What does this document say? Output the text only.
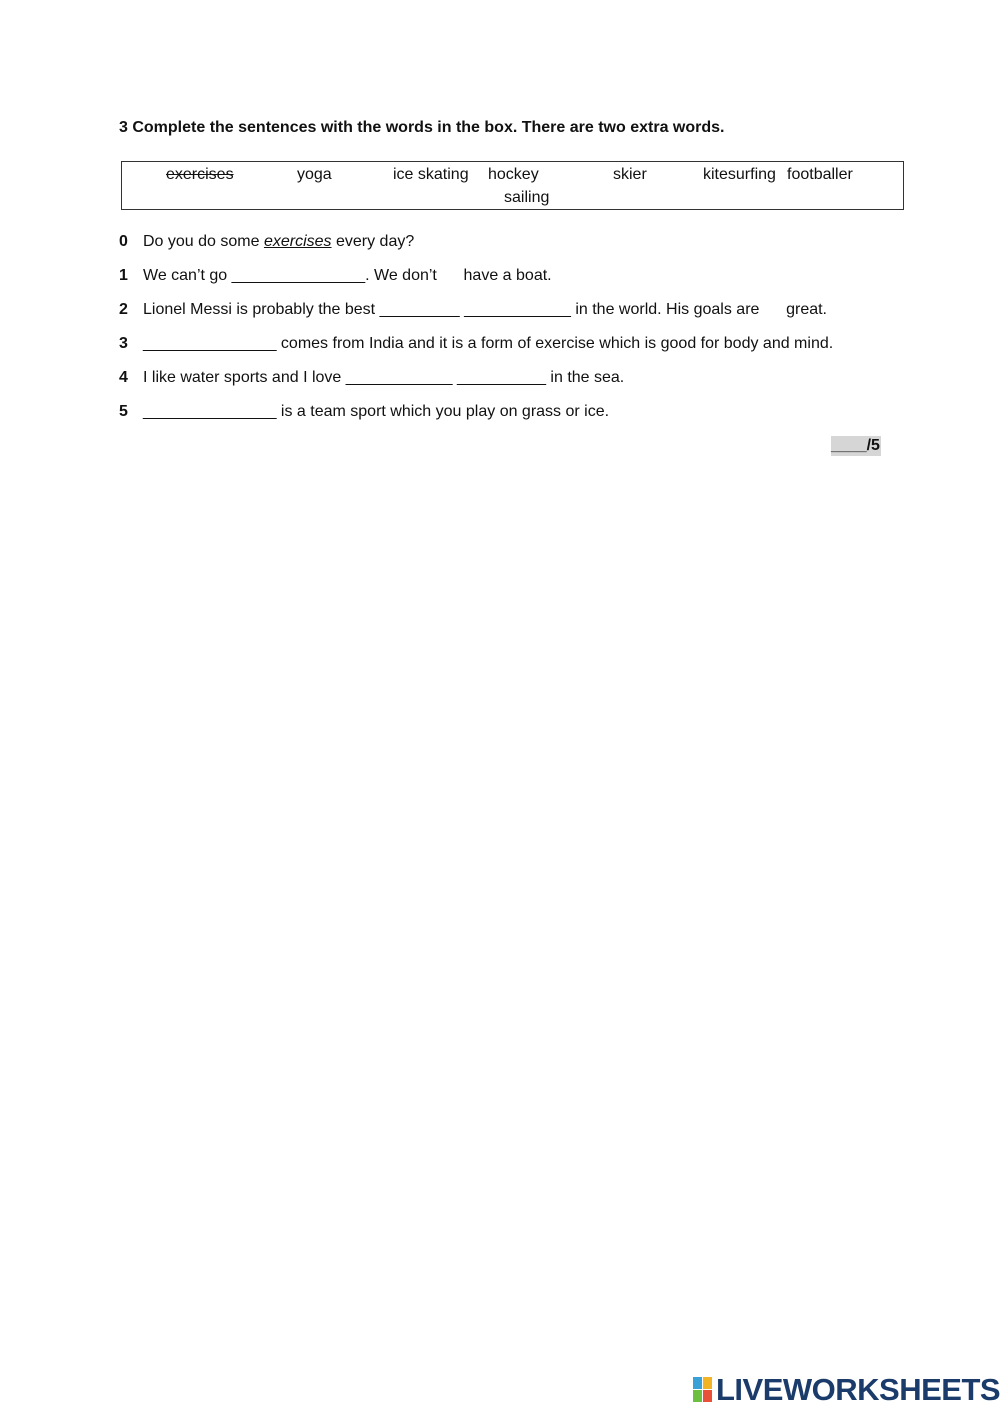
3 Complete the sentences with the words in the box. There are two extra words.
exercises	yoga	ice skating hockey	skier	kitesurfing footballer
sailing
0 Do you do some exercises every day?
1 We can’t go _______________. We don’t      have a boat.
2 Lionel Messi is probably the best _________ ____________ in the world. His goals are      great.
3 _______________ comes from India and it is a form of exercise which is good for body and mind.
4 I like water sports and I love ____________ __________ in the sea.
5 _______________ is a team sport which you play on grass or ice.
____/5
LIVEWORKSHEETS
